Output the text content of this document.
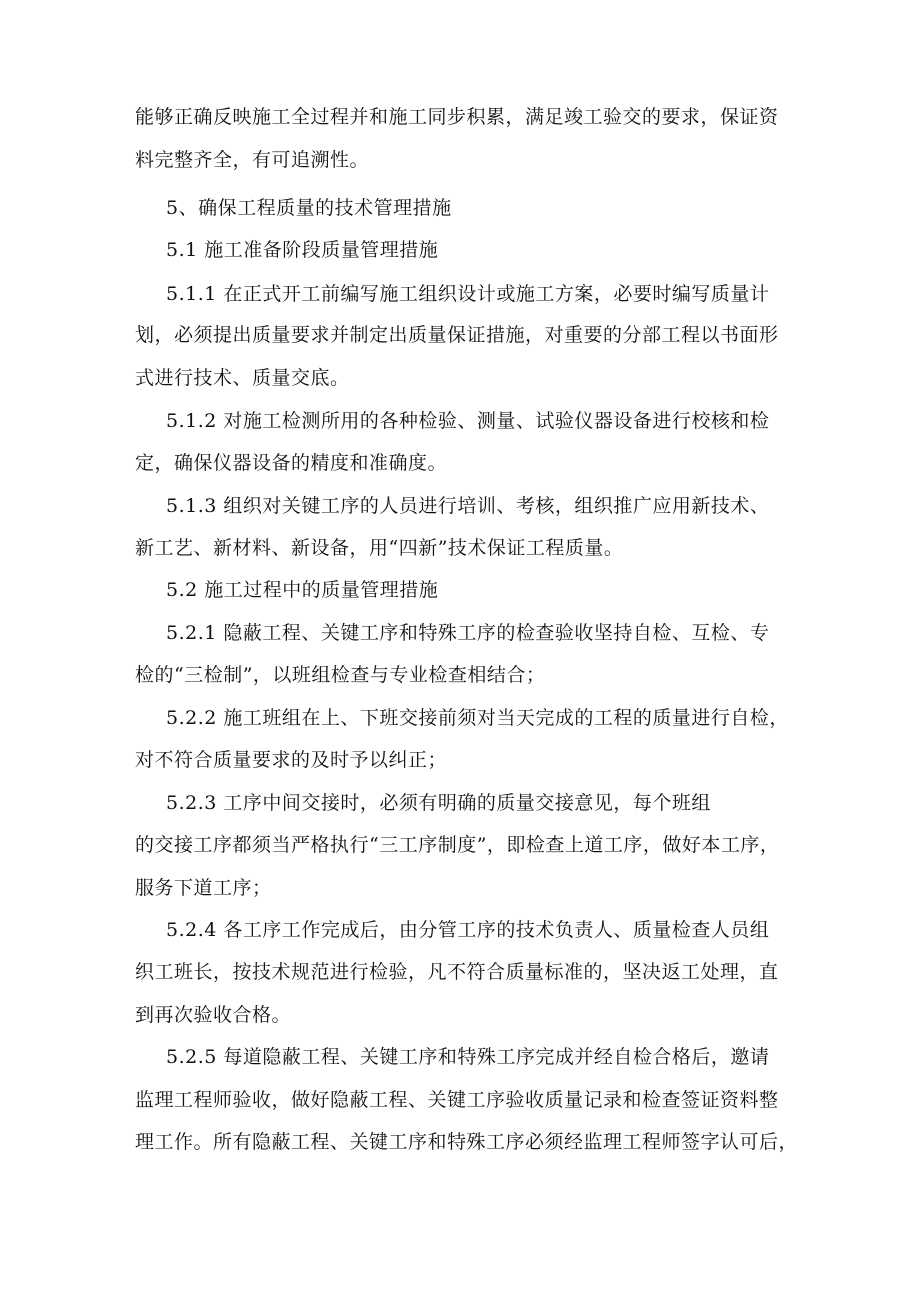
能够正确反映施工全过程并和施工同步积累，满足竣工验交的要求，保证资
料完整齐全，有可追溯性。
5、确保工程质量的技术管理措施
5.1 施工准备阶段质量管理措施
5.1.1 在正式开工前编写施工组织设计或施工方案，必要时编写质量计
划，必须提出质量要求并制定出质量保证措施，对重要的分部工程以书面形
式进行技术、质量交底。
5.1.2 对施工检测所用的各种检验、测量、试验仪器设备进行校核和检
定，确保仪器设备的精度和准确度。
5.1.3 组织对关键工序的人员进行培训、考核，组织推广应用新技术、
新工艺、新材料、新设备，用“四新”技术保证工程质量。
5.2 施工过程中的质量管理措施
5.2.1 隐蔽工程、关键工序和特殊工序的检查验收坚持自检、互检、专
检的“三检制”，以班组检查与专业检查相结合；
5.2.2 施工班组在上、下班交接前须对当天完成的工程的质量进行自检，
对不符合质量要求的及时予以纠正；
5.2.3 工序中间交接时，必须有明确的质量交接意见，每个班组
的交接工序都须当严格执行“三工序制度”，即检查上道工序，做好本工序，
服务下道工序；
5.2.4 各工序工作完成后，由分管工序的技术负责人、质量检查人员组
织工班长，按技术规范进行检验，凡不符合质量标准的，坚决返工处理，直
到再次验收合格。
5.2.5 每道隐蔽工程、关键工序和特殊工序完成并经自检合格后，邀请
监理工程师验收，做好隐蔽工程、关键工序验收质量记录和检查签证资料整
理工作。所有隐蔽工程、关键工序和特殊工序必须经监理工程师签字认可后，
